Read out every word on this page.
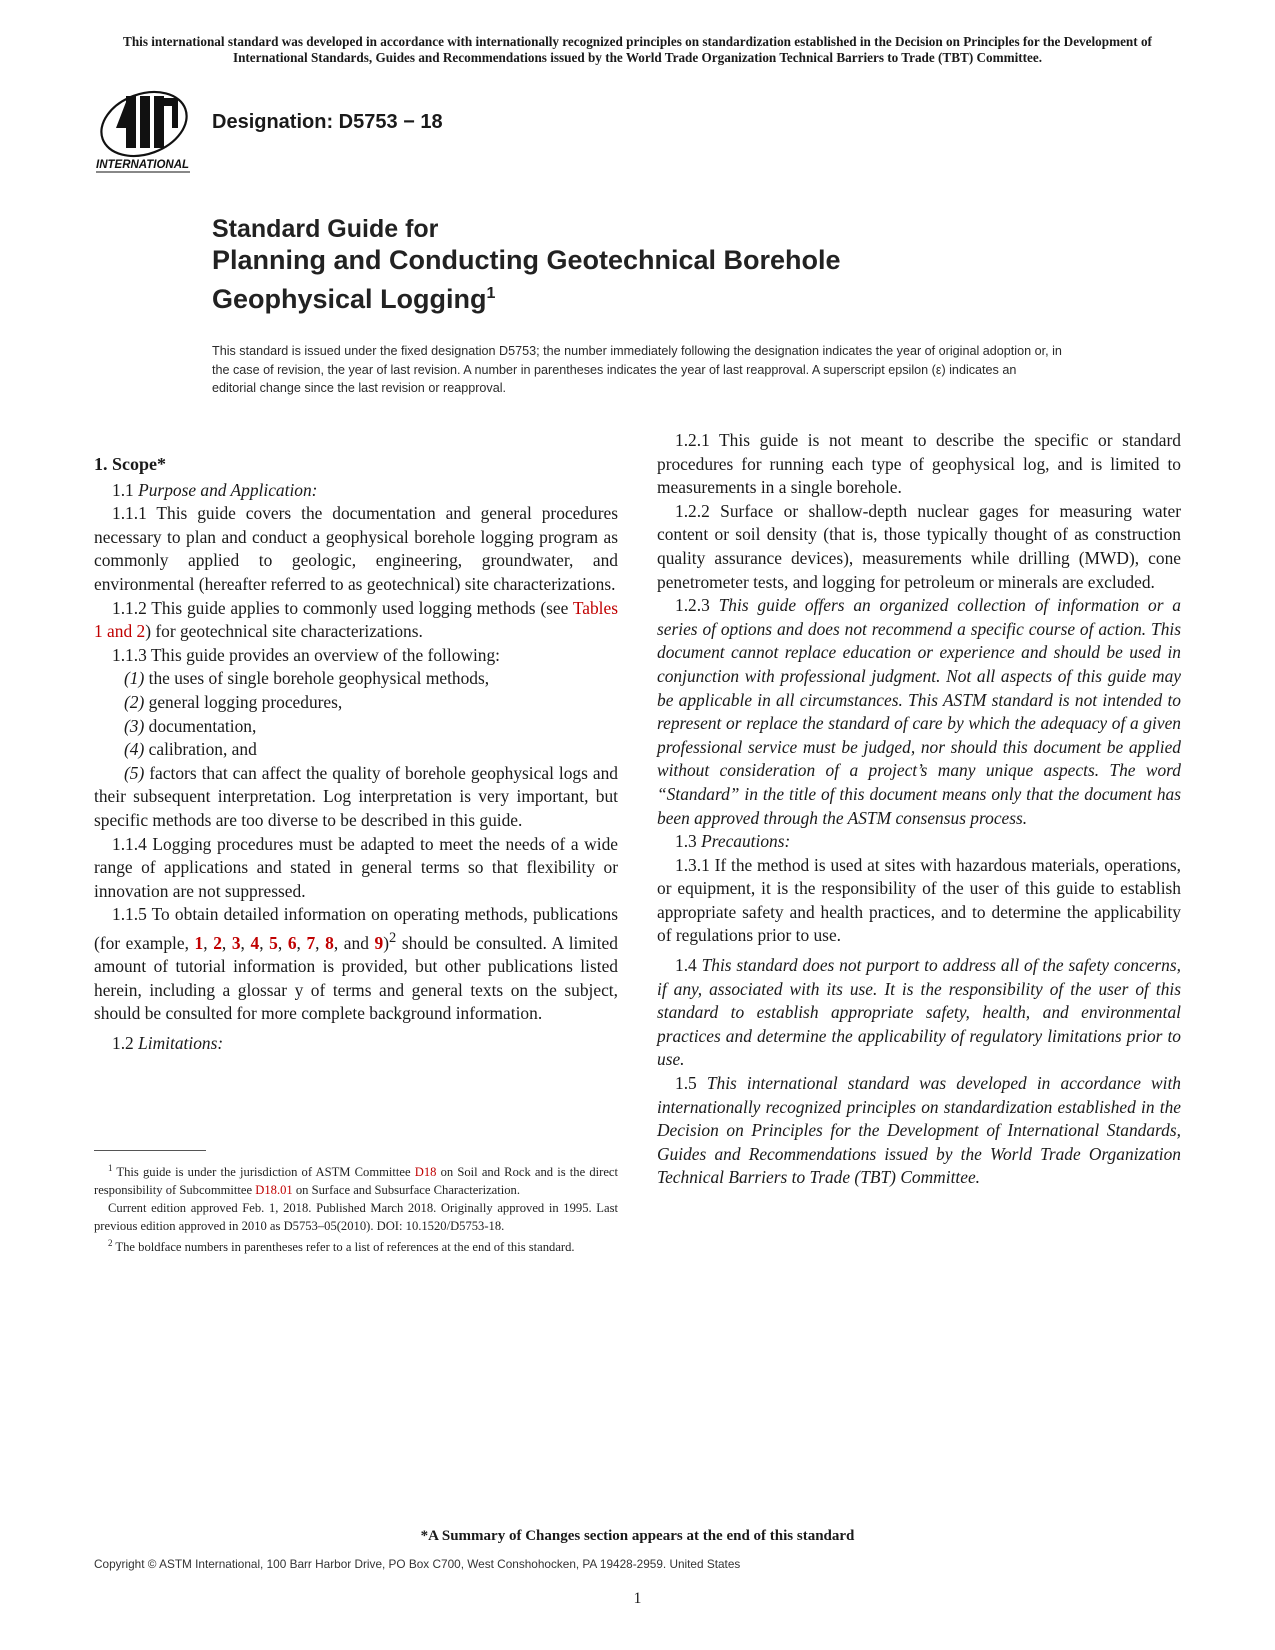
This international standard was developed in accordance with internationally recognized principles on standardization established in the Decision on Principles for the Development of International Standards, Guides and Recommendations issued by the World Trade Organization Technical Barriers to Trade (TBT) Committee.
INTERNATIONAL
Designation: D5753 − 18
Standard Guide for
Planning and Conducting Geotechnical Borehole
Geophysical Logging$^1$
This standard is issued under the fixed designation D5753; the number immediately following the designation indicates the year of original adoption or, in the case of revision, the year of last revision. A number in parentheses indicates the year of last reapproval. A superscript epsilon (ε) indicates an editorial change since the last revision or reapproval.

1. Scope*

1.1 Purpose and Application:

1.1.1 This guide covers the documentation and general procedures necessary to plan and conduct a geophysical borehole logging program as commonly applied to geologic, engineering, groundwater, and environmental (hereafter referred to as geotechnical) site characterizations.

1.1.2 This guide applies to commonly used logging methods (see Tables 1 and 2) for geotechnical site characterizations.

1.1.3 This guide provides an overview of the following:

(1) the uses of single borehole geophysical methods,

(2) general logging procedures,

(3) documentation,

(4) calibration, and

(5) factors that can affect the quality of borehole geophysical logs and their subsequent interpretation. Log interpretation is very important, but specific methods are too diverse to be described in this guide.

1.1.4 Logging procedures must be adapted to meet the needs of a wide range of applications and stated in general terms so that flexibility or innovation are not suppressed.

1.1.5 To obtain detailed information on operating methods, publications (for example, 1, 2, 3, 4, 5, 6, 7, 8, and 9)$^2$ should be consulted. A limited amount of tutorial information is provided, but other publications listed herein, including a glossar y of terms and general texts on the subject, should be consulted for more complete background information.

1.2 Limitations:

1.2.1 This guide is not meant to describe the specific or standard procedures for running each type of geophysical log, and is limited to measurements in a single borehole.

1.2.2 Surface or shallow-depth nuclear gages for measuring water content or soil density (that is, those typically thought of as construction quality assurance devices), measurements while drilling (MWD), cone penetrometer tests, and logging for petroleum or minerals are excluded.

1.2.3 This guide offers an organized collection of information or a series of options and does not recommend a specific course of action. This document cannot replace education or experience and should be used in conjunction with professional judgment. Not all aspects of this guide may be applicable in all circumstances. This ASTM standard is not intended to represent or replace the standard of care by which the adequacy of a given professional service must be judged, nor should this document be applied without consideration of a project’s many unique aspects. The word “Standard” in the title of this document means only that the document has been approved through the ASTM consensus process.

1.3 Precautions:

1.3.1 If the method is used at sites with hazardous materials, operations, or equipment, it is the responsibility of the user of this guide to establish appropriate safety and health practices, and to determine the applicability of regulations prior to use.

1.4 This standard does not purport to address all of the safety concerns, if any, associated with its use. It is the responsibility of the user of this standard to establish appropriate safety, health, and environmental practices and determine the applicability of regulatory limitations prior to use.

1.5 This international standard was developed in accordance with internationally recognized principles on standardization established in the Decision on Principles for the Development of International Standards, Guides and Recommendations issued by the World Trade Organization Technical Barriers to Trade (TBT) Committee.

$^1$ This guide is under the jurisdiction of ASTM Committee D18 on Soil and Rock and is the direct responsibility of Subcommittee D18.01 on Surface and Subsurface Characterization.

Current edition approved Feb. 1, 2018. Published March 2018. Originally approved in 1995. Last previous edition approved in 2010 as D5753–05(2010). DOI: 10.1520/D5753-18.

$^2$ The boldface numbers in parentheses refer to a list of references at the end of this standard.

*A Summary of Changes section appears at the end of this standard
Copyright © ASTM International, 100 Barr Harbor Drive, PO Box C700, West Conshohocken, PA 19428-2959. United States
1
